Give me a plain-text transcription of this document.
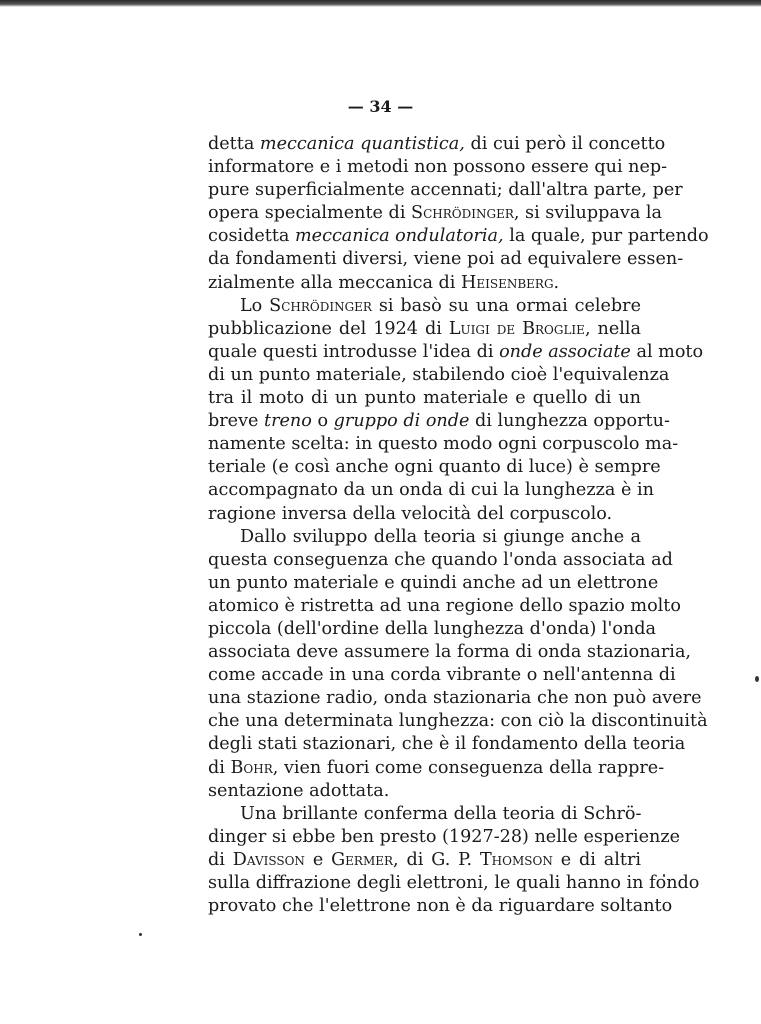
— 34 —
detta meccanica quantistica, di cui però il concetto
informatore e i metodi non possono essere qui nep-
pure superficialmente accennati; dall'altra parte, per
opera specialmente di Schrödinger, si sviluppava la
cosidetta meccanica ondulatoria, la quale, pur partendo
da fondamenti diversi, viene poi ad equivalere essen-
zialmente alla meccanica di Heisenberg.
Lo Schrödinger si basò su una ormai celebre
pubblicazione del 1924 di Luigi de Broglie, nella
quale questi introdusse l'idea di onde associate al moto
di un punto materiale, stabilendo cioè l'equivalenza
tra il moto di un punto materiale e quello di un
breve treno o gruppo di onde di lunghezza opportu-
namente scelta: in questo modo ogni corpuscolo ma-
teriale (e così anche ogni quanto di luce) è sempre
accompagnato da un onda di cui la lunghezza è in
ragione inversa della velocità del corpuscolo.
Dallo sviluppo della teoria si giunge anche a
questa conseguenza che quando l'onda associata ad
un punto materiale e quindi anche ad un elettrone
atomico è ristretta ad una regione dello spazio molto
piccola (dell'ordine della lunghezza d'onda) l'onda
associata deve assumere la forma di onda stazionaria,
come accade in una corda vibrante o nell'antenna di
una stazione radio, onda stazionaria che non può avere
che una determinata lunghezza: con ciò la discontinuità
degli stati stazionari, che è il fondamento della teoria
di Bohr, vien fuori come conseguenza della rappre-
sentazione adottata.
Una brillante conferma della teoria di Schrö-
dinger si ebbe ben presto (1927-28) nelle esperienze
di Davisson e Germer, di G. P. Thomson e di altri
sulla diffrazione degli elettroni, le quali hanno in fondo
provato che l'elettrone non è da riguardare soltanto
